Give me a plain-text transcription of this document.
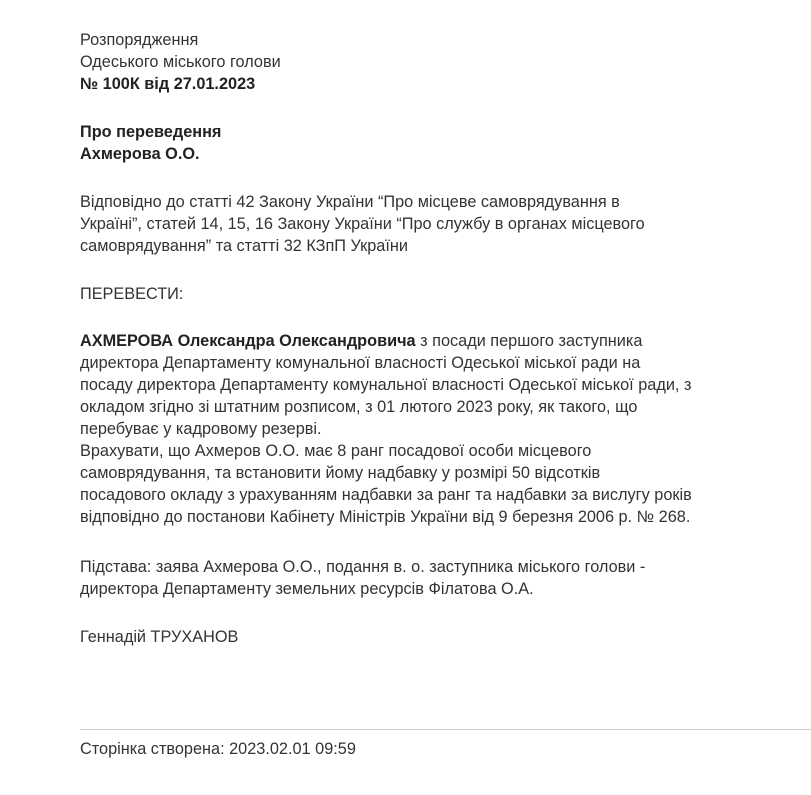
Розпорядження
Одеського міського голови
№ 100К від 27.01.2023
Про переведення
Ахмерова О.О.
Відповідно до статті 42 Закону України “Про місцеве самоврядування в
Україні”, статей 14, 15, 16 Закону України “Про службу в органах місцевого
самоврядування” та статті 32 КЗпП України
ПЕРЕВЕСТИ:
АХМЕРОВА Олександра Олександровича з посади першого заступника
директора Департаменту комунальної власності Одеської міської ради на
посаду директора Департаменту комунальної власності Одеської міської ради, з
окладом згідно зі штатним розписом, з 01 лютого 2023 року, як такого, що
перебуває у кадровому резерві.
Врахувати, що Ахмеров О.О. має 8 ранг посадової особи місцевого
самоврядування, та встановити йому надбавку у розмірі 50 відсотків
посадового окладу з урахуванням надбавки за ранг та надбавки за вислугу років
відповідно до постанови Кабінету Міністрів України від 9 березня 2006 р. № 268.
Підстава: заява Ахмерова О.О., подання в. о. заступника міського голови -
директора Департаменту земельних ресурсів Філатова О.А.
Геннадій ТРУХАНОВ
Сторінка створена: 2023.02.01 09:59
